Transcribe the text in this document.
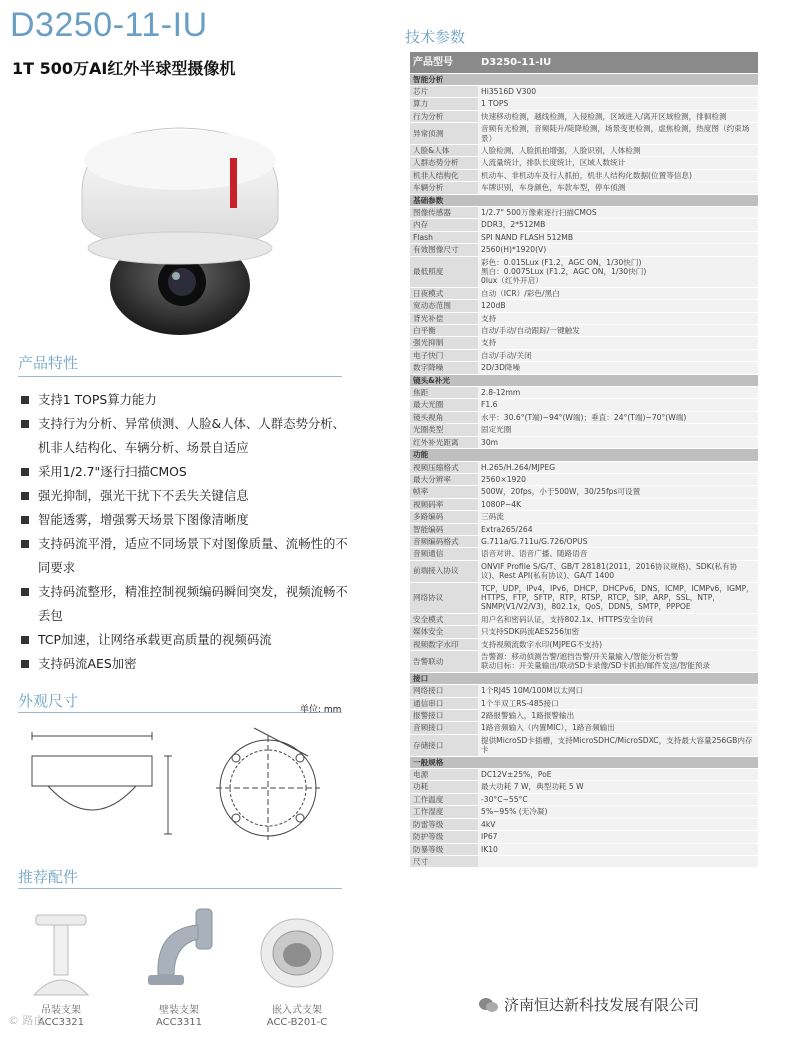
D3250-11-IU
1T 500万AI红外半球型摄像机
产品特性
支持1 TOPS算力能力
支持行为分析、异常侦测、人脸&人体、人群态势分析、机非人结构化、车辆分析、场景自适应
采用1/2.7"逐行扫描CMOS
强光抑制，强光干扰下不丢失关键信息
智能透雾，增强雾天场景下图像清晰度
支持码流平滑，适应不同场景下对图像质量、流畅性的不同要求
支持码流整形，精准控制视频编码瞬间突发，视频流畅不丢包
TCP加速，让网络承载更高质量的视频码流
支持码流AES加密
外观尺寸	单位: mm
推荐配件
吊装支架
ACC3321
壁装支架
ACC3311
嵌入式支架
ACC-B201-C
© 路由
济南恒达新科技发展有限公司
技术参数
产品型号	D3250-11-IU
智能分析	
芯片	Hi3516D V300
算力	1 TOPS
行为分析	快速移动检测，越线检测，入侵检测，区域进入/离开区域检测，徘徊检测
异常侦测	音频有无检测，音频陡升/陡降检测，场景变更检测，虚焦检测，热度图（约束场景）
人脸&人体	人脸检测，人脸抓拍增强，人脸识别，人体检测
人群态势分析	人流量统计，排队长度统计，区域人数统计
机非人结构化	机动车、非机动车及行人抓拍，机非人结构化数据(位置等信息)
车辆分析	车牌识别，车身颜色，车款车型，停车侦测
基础参数	
图像传感器	1/2.7" 500万像素逐行扫描CMOS
内存	DDR3，2*512MB
Flash	SPI NAND FLASH 512MB
有效图像尺寸	2560(H)*1920(V)
最低照度	彩色：0.015Lux (F1.2，AGC ON，1/30快门)
黑白：0.0075Lux (F1.2，AGC ON，1/30快门)
0lux（红外开启）
日夜模式	自动（ICR）/彩色/黑白
宽动态范围	120dB
背光补偿	支持
白平衡	自动/手动/自动跟踪/一键触发
强光抑制	支持
电子快门	自动/手动/关闭
数字降噪	2D/3D降噪
镜头&补光	
焦距	2.8-12mm
最大光圈	F1.6
镜头视角	水平：30.6°(T端)~94°(W端)；垂直：24°(T端)~70°(W端)
光圈类型	固定光圈
红外补光距离	30m
功能	
视频压缩格式	H.265/H.264/MJPEG
最大分辨率	2560×1920
帧率	500W，20fps，小于500W，30/25fps可设置
视频码率	1080P~4K
多路编码	三码流
智能编码	Extra265/264
音频编码格式	G.711a/G.711u/G.726/OPUS
音频通信	语音对讲、语音广播、随路语音
前端接入协议	ONVIF Profile S/G/T、GB/T 28181(2011，2016协议规格)、SDK(私有协议)、Rest API(私有协议)、GA/T 1400
网络协议	TCP，UDP，IPv4，IPv6，DHCP，DHCPv6，DNS，ICMP，ICMPv6，IGMP，HTTPS，FTP，SFTP，RTP，RTSP，RTCP，SIP，ARP，SSL，NTP，SNMP(V1/V2/V3)，802.1x，QoS，DDNS，SMTP，PPPOE
安全模式	用户名和密码认证，支持802.1x、HTTPS安全访问
媒体安全	只支持SDK码流AES256加密
视频数字水印	支持视频流数字水印(MJPEG不支持)
告警联动	告警源：移动侦测告警/遮挡告警/开关量输入/智能分析告警
联动目标：开关量输出/联动SD卡录像/SD卡抓拍/邮件发送/智能预录
接口	
网络接口	1个RJ45 10M/100M以太网口
通信串口	1个半双工RS-485接口
报警接口	2路报警输入，1路报警输出
音频接口	1路音频输入（内置MIC），1路音频输出
存储接口	提供MicroSD卡插槽，支持MicroSDHC/MicroSDXC，支持最大容量256GB内存卡
一般规格	
电源	DC12V±25%，PoE
功耗	最大功耗 7 W，典型功耗 5 W
工作温度	-30°C~55°C
工作湿度	5%~95% (无冷凝)
防雷等级	4kV
防护等级	IP67
防暴等级	IK10
尺寸	
